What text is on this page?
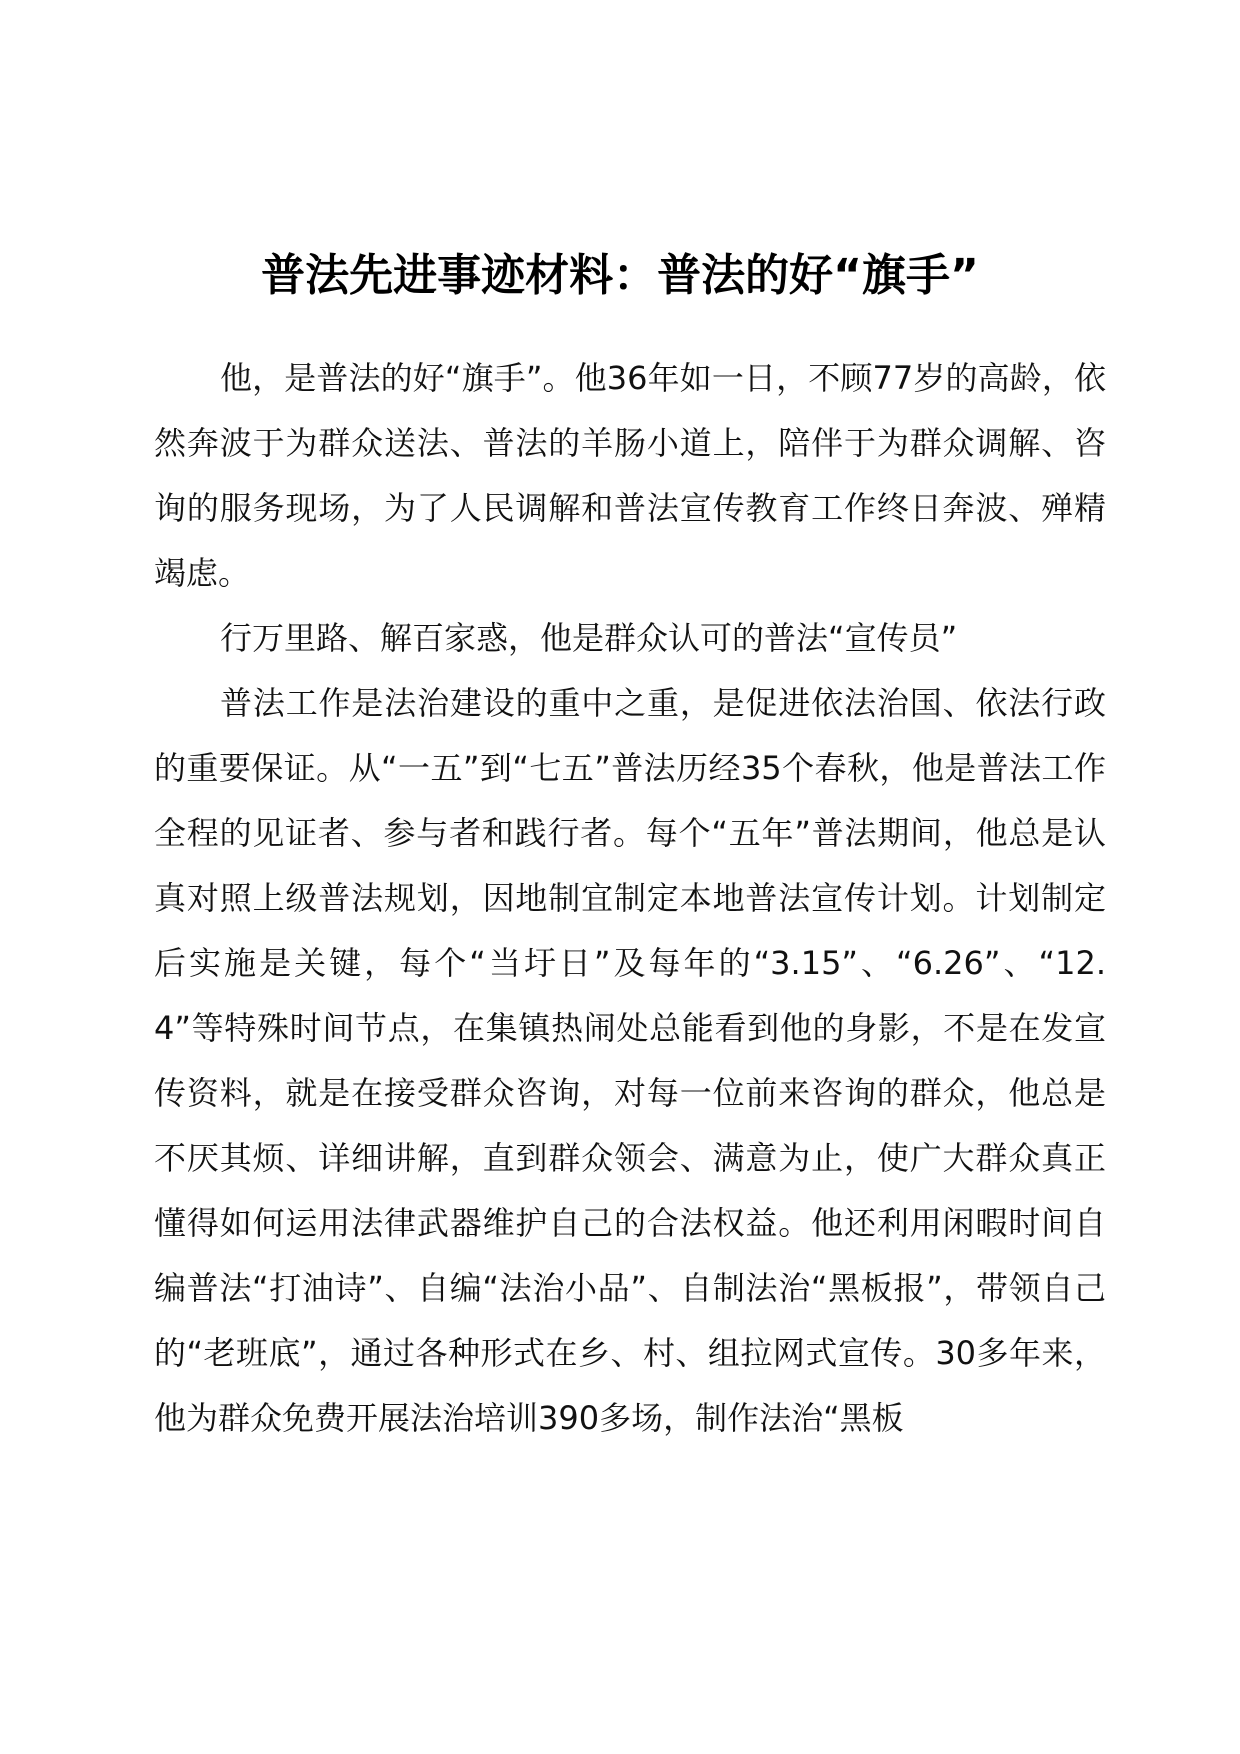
普法先进事迹材料：普法的好“旗手”

他，是普法的好“旗手”。他36年如一日，不顾77岁的高龄，依然奔波于为群众送法、普法的羊肠小道上，陪伴于为群众调解、咨询的服务现场，为了人民调解和普法宣传教育工作终日奔波、殚精竭虑。

行万里路、解百家惑，他是群众认可的普法“宣传员”

普法工作是法治建设的重中之重，是促进依法治国、依法行政的重要保证。从“一五”到“七五”普法历经35个春秋，他是普法工作全程的见证者、参与者和践行者。每个“五年”普法期间，他总是认真对照上级普法规划，因地制宜制定本地普法宣传计划。计划制定后实施是关键，每个“当圩日”及每年的“3.15”、“6.26”、“12.4”等特殊时间节点，在集镇热闹处总能看到他的身影，不是在发宣传资料，就是在接受群众咨询，对每一位前来咨询的群众，他总是不厌其烦、详细讲解，直到群众领会、满意为止，使广大群众真正懂得如何运用法律武器维护自己的合法权益。他还利用闲暇时间自编普法“打油诗”、自编“法治小品”、自制法治“黑板报”，带领自己的“老班底”，通过各种形式在乡、村、组拉网式宣传。30多年来，他为群众免费开展法治培训390多场，制作法治“黑板
